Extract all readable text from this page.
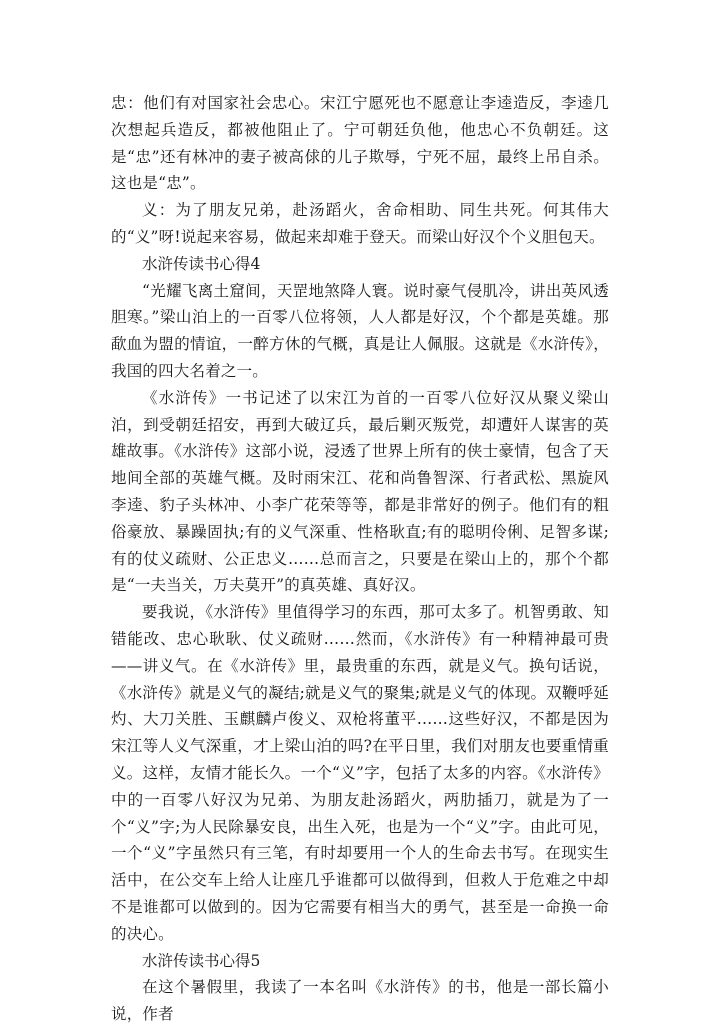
忠：他们有对国家社会忠心。宋江宁愿死也不愿意让李逵造反，李逵几次想起兵造反，都被他阻止了。宁可朝廷负他，他忠心不负朝廷。这是“忠”还有林冲的妻子被高俅的儿子欺辱，宁死不屈，最终上吊自杀。这也是“忠”。

义：为了朋友兄弟，赴汤蹈火，舍命相助、同生共死。何其伟大的“义”呀!说起来容易，做起来却难于登天。而梁山好汉个个义胆包天。

水浒传读书心得4

“光耀飞离土窟间，天罡地煞降人寰。说时豪气侵肌冷，讲出英风透胆寒。”梁山泊上的一百零八位将领，人人都是好汉，个个都是英雄。那歃血为盟的情谊，一醉方休的气概，真是让人佩服。这就是《水浒传》，我国的四大名着之一。

《水浒传》一书记述了以宋江为首的一百零八位好汉从聚义梁山泊，到受朝廷招安，再到大破辽兵，最后剿灭叛党，却遭奸人谋害的英雄故事。《水浒传》这部小说，浸透了世界上所有的侠士豪情，包含了天地间全部的英雄气概。及时雨宋江、花和尚鲁智深、行者武松、黑旋风李逵、豹子头林冲、小李广花荣等等，都是非常好的例子。他们有的粗俗豪放、暴躁固执;有的义气深重、性格耿直;有的聪明伶俐、足智多谋;有的仗义疏财、公正忠义……总而言之，只要是在梁山上的，那个个都是“一夫当关，万夫莫开”的真英雄、真好汉。

要我说，《水浒传》里值得学习的东西，那可太多了。机智勇敢、知错能改、忠心耿耿、仗义疏财……然而，《水浒传》有一种精神最可贵——讲义气。在《水浒传》里，最贵重的东西，就是义气。换句话说，《水浒传》就是义气的凝结;就是义气的聚集;就是义气的体现。双鞭呼延灼、大刀关胜、玉麒麟卢俊义、双枪将董平……这些好汉，不都是因为宋江等人义气深重，才上梁山泊的吗?在平日里，我们对朋友也要重情重义。这样，友情才能长久。一个“义”字，包括了太多的内容。《水浒传》中的一百零八好汉为兄弟、为朋友赴汤蹈火，两肋插刀，就是为了一个“义”字;为人民除暴安良，出生入死，也是为一个“义”字。由此可见，一个“义”字虽然只有三笔，有时却要用一个人的生命去书写。在现实生活中，在公交车上给人让座几乎谁都可以做得到，但救人于危难之中却不是谁都可以做到的。因为它需要有相当大的勇气，甚至是一命换一命的决心。

水浒传读书心得5

在这个暑假里，我读了一本名叫《水浒传》的书，他是一部长篇小说，作者
